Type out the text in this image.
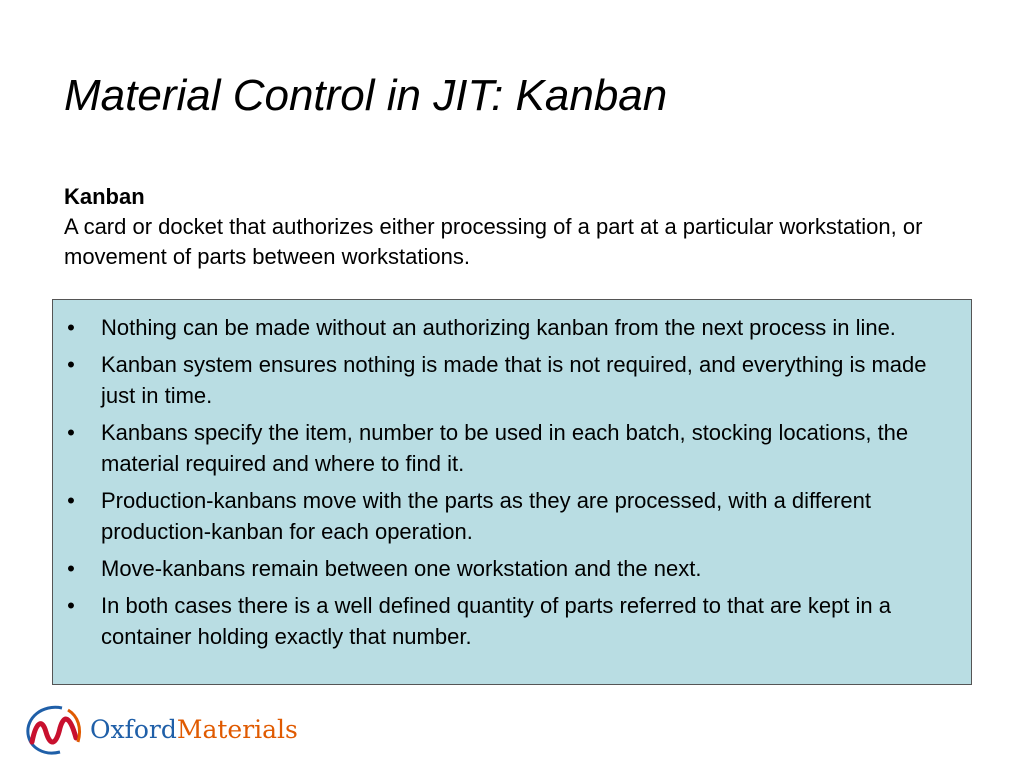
Material Control in JIT: Kanban
Kanban
A card or docket that authorizes either processing of a part at a particular workstation, or movement of parts between workstations.
• Nothing can be made without an authorizing kanban from the next process in line.
• Kanban system ensures nothing is made that is not required, and everything is made just in time.
• Kanbans specify the item, number to be used in each batch, stocking locations, the material required and where to find it.
• Production-kanbans move with the parts as they are processed, with a different production-kanban for each operation.
• Move-kanbans remain between one workstation and the next.
• In both cases there is a well defined quantity of parts referred to that are kept in a container holding exactly that number.
OxfordMaterials
